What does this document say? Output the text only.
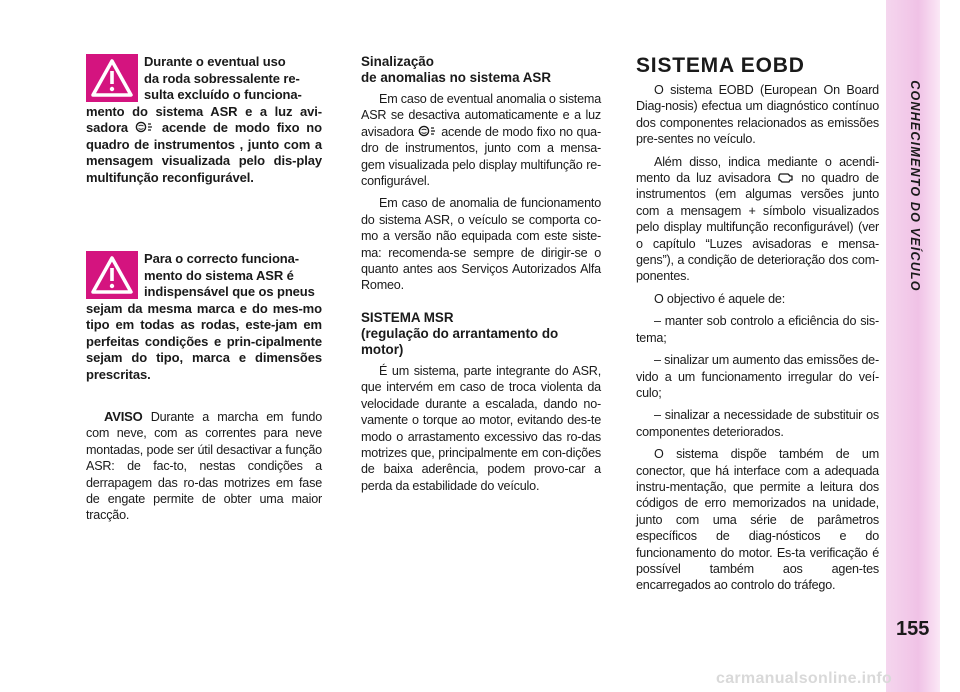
CONHECIMENTO DO VEÍCULO
155
Durante o eventual uso
da roda sobressalente re-
sulta excluído o funciona-
mento do sistema ASR e a luz avi-sadora	acende de modo fixo no quadro de instrumentos , junto com a mensagem visualizada pelo dis-play multifunção reconfigurável.
Para o correcto funciona-
mento do sistema ASR é
indispensável que os pneus
sejam da mesma marca e do mes-mo tipo em todas as rodas, este-jam em perfeitas condições e prin-cipalmente sejam do tipo, marca e dimensões prescritas.

AVISO Durante a marcha em fundo com neve, com as correntes para neve montadas, pode ser útil desactivar a função ASR: de fac-to, nestas condições a derrapagem das ro-das motrizes em fase de engate permite de obter uma maior tracção.

Sinalização
de anomalias no sistema ASR

Em caso de eventual anomalia o sistema ASR se desactiva automaticamente e a luz avisadora acende de modo fixo no qua-dro de instrumentos, junto com a mensa-gem visualizada pelo display multifunção re-configurável.

Em caso de anomalia de funcionamento do sistema ASR, o veículo se comporta co-mo a versão não equipada com este siste-ma: recomenda-se sempre de dirigir-se o quanto antes aos Serviços Autorizados Alfa Romeo.

SISTEMA MSR
(regulação do arrantamento do
motor)

É um sistema, parte integrante do ASR, que intervém em caso de troca violenta da velocidade durante a escalada, dando no-vamente o torque ao motor, evitando des-te modo o arrastamento excessivo das ro-das motrizes que, principalmente em con-dições de baixa aderência, podem provo-car a perda da estabilidade do veículo.

SISTEMA EOBD

O sistema EOBD (European On Board Diag-nosis) efectua um diagnóstico contínuo dos componentes relacionados as emissões pre-sentes no veículo.

Além disso, indica mediante o acendi-mento da luz avisadora no quadro de instrumentos (em algumas versões junto com a mensagem + símbolo visualizados pelo display multifunção reconfigurável) (ver o capítulo “Luzes avisadoras e mensa-gens”), a condição de deterioração dos com-ponentes.

O objectivo é aquele de:

– manter sob controlo a eficiência do sis-tema;

– sinalizar um aumento das emissões de-vido a um funcionamento irregular do veí-culo;

– sinalizar a necessidade de substituir os componentes deteriorados.

O sistema dispõe também de um conector, que há interface com a adequada instru-mentação, que permite a leitura dos códigos de erro memorizados na unidade, junto com uma série de parâmetros específicos de diag-nósticos e do funcionamento do motor. Es-ta verificação é possível também aos agen-tes encarregados ao controlo do tráfego.

carmanualsonline.info
